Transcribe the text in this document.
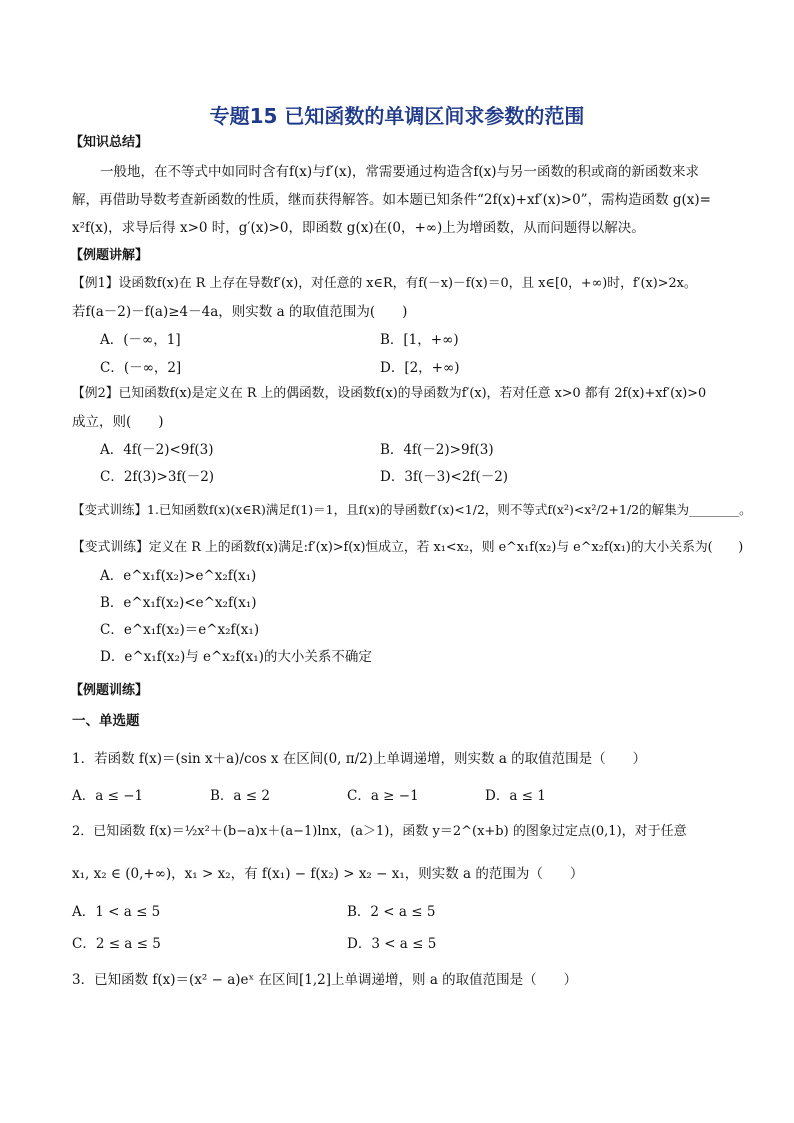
专题15 已知函数的单调区间求参数的范围
【知识总结】
一般地，在不等式中如同时含有f(x)与f′(x)，常需要通过构造含f(x)与另一函数的积或商的新函数来求
解，再借助导数考查新函数的性质，继而获得解答。如本题已知条件“2f(x)+xf′(x)>0”，需构造函数 g(x)=
x²f(x)，求导后得 x>0 时，g′(x)>0，即函数 g(x)在(0，+∞)上为增函数，从而问题得以解决。
【例题讲解】
【例1】设函数f(x)在 R 上存在导数f′(x)，对任意的 x∈R，有f(－x)－f(x)＝0，且 x∈[0，+∞)时，f′(x)>2x。
若f(a－2)－f(a)≥4－4a，则实数 a 的取值范围为(　　)
A．(－∞，1]	B．[1，+∞)
C．(－∞，2]	D．[2，+∞)
【例2】已知函数f(x)是定义在 R 上的偶函数，设函数f(x)的导函数为f′(x)，若对任意 x>0 都有 2f(x)+xf′(x)>0
成立，则(　　)
A．4f(－2)<9f(3)	B．4f(－2)>9f(3)
C．2f(3)>3f(－2)	D．3f(－3)<2f(－2)
【变式训练】1.已知函数f(x)(x∈R)满足f(1)＝1，且f(x)的导函数f′(x)<1/2，则不等式f(x²)<x²/2+1/2的解集为________。
【变式训练】定义在 R 上的函数f(x)满足:f′(x)>f(x)恒成立，若 x₁<x₂，则 e^x₁f(x₂)与 e^x₂f(x₁)的大小关系为(　　)
A．e^x₁f(x₂)>e^x₂f(x₁)
B．e^x₁f(x₂)<e^x₂f(x₁)
C．e^x₁f(x₂)＝e^x₂f(x₁)
D．e^x₁f(x₂)与 e^x₂f(x₁)的大小关系不确定
【例题训练】
一、单选题
1．若函数 f(x)＝(sin x＋a)/cos x 在区间(0, π/2)上单调递增，则实数 a 的取值范围是（　　）
A．a ≤ −1	B．a ≤ 2	C．a ≥ −1	D．a ≤ 1
2．已知函数 f(x)＝½x²＋(b−a)x＋(a−1)lnx，(a＞1)，函数 y＝2^(x+b) 的图象过定点(0,1)，对于任意
x₁, x₂ ∈ (0,+∞)，x₁ > x₂，有 f(x₁) − f(x₂) > x₂ − x₁，则实数 a 的范围为（　　）
A．1 < a ≤ 5	B．2 < a ≤ 5
C．2 ≤ a ≤ 5	D．3 < a ≤ 5
3．已知函数 f(x)＝(x² − a)eˣ 在区间[1,2]上单调递增，则 a 的取值范围是（　　）
